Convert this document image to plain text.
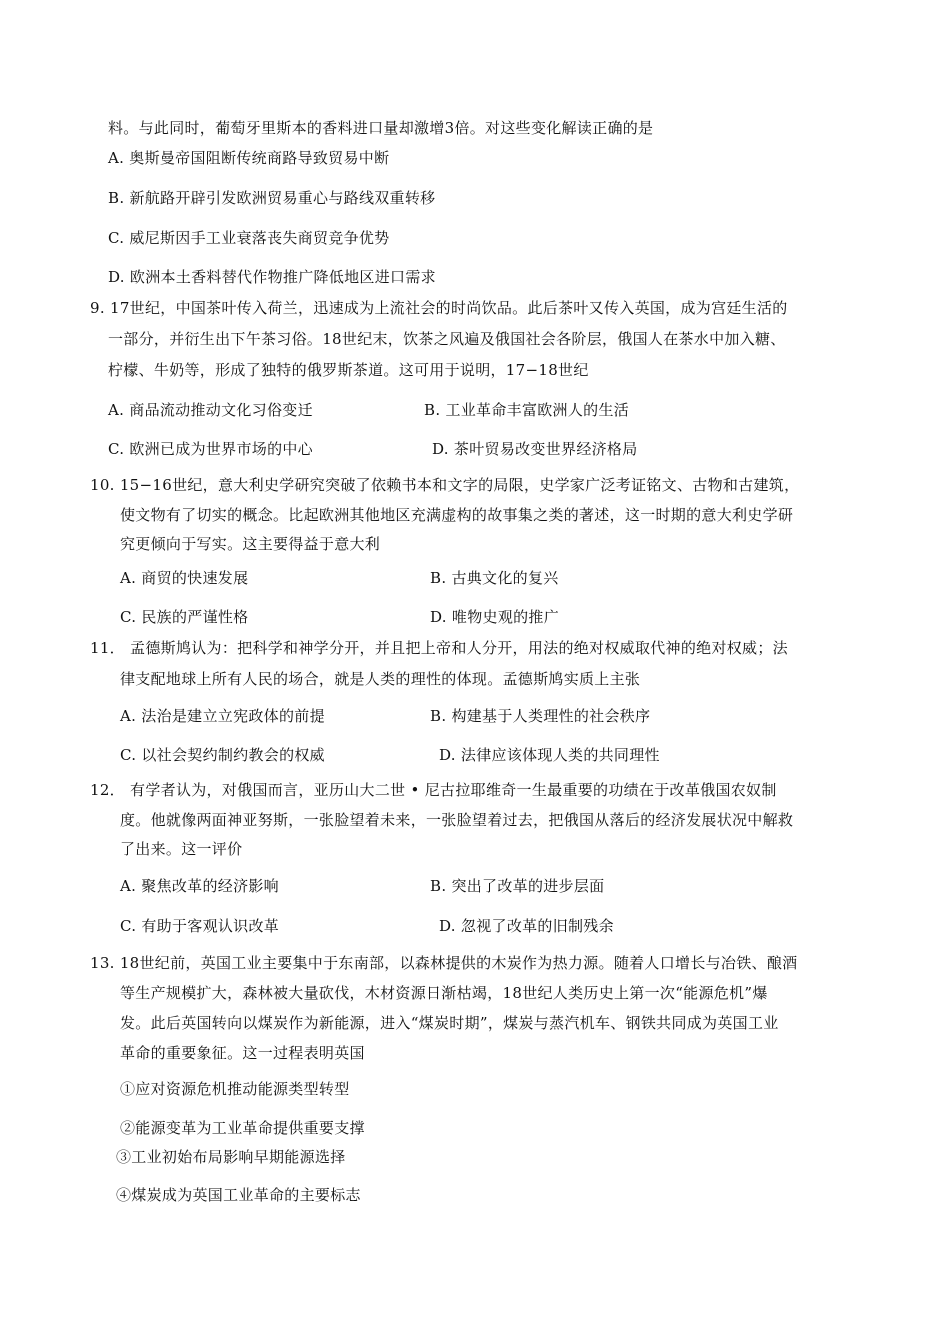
料。与此同时，葡萄牙里斯本的香料进口量却激增3倍。对这些变化解读正确的是
A. 奥斯曼帝国阻断传统商路导致贸易中断
B. 新航路开辟引发欧洲贸易重心与路线双重转移
C. 威尼斯因手工业衰落丧失商贸竞争优势
D. 欧洲本土香料替代作物推广降低地区进口需求
9. 17世纪，中国茶叶传入荷兰，迅速成为上流社会的时尚饮品。此后茶叶又传入英国，成为宫廷生活的
一部分，并衍生出下午茶习俗。18世纪末，饮茶之风遍及俄国社会各阶层，俄国人在茶水中加入糖、
柠檬、牛奶等，形成了独特的俄罗斯茶道。这可用于说明，17−18世纪
A. 商品流动推动文化习俗变迁	B. 工业革命丰富欧洲人的生活
C. 欧洲已成为世界市场的中心	D. 茶叶贸易改变世界经济格局
10. 15−16世纪，意大利史学研究突破了依赖书本和文字的局限，史学家广泛考证铭文、古物和古建筑，
使文物有了切实的概念。比起欧洲其他地区充满虚构的故事集之类的著述，这一时期的意大利史学研
究更倾向于写实。这主要得益于意大利
A. 商贸的快速发展	B. 古典文化的复兴
C. 民族的严谨性格	D. 唯物史观的推广
11． 孟德斯鸠认为：把科学和神学分开，并且把上帝和人分开，用法的绝对权威取代神的绝对权威；法
律支配地球上所有人民的场合，就是人类的理性的体现。孟德斯鸠实质上主张
A. 法治是建立立宪政体的前提	B. 构建基于人类理性的社会秩序
C. 以社会契约制约教会的权威	D. 法律应该体现人类的共同理性
12． 有学者认为，对俄国而言，亚历山大二世 • 尼古拉耶维奇一生最重要的功绩在于改革俄国农奴制
度。他就像两面神亚努斯，一张脸望着未来，一张脸望着过去，把俄国从落后的经济发展状况中解救
了出来。这一评价
A. 聚焦改革的经济影响	B. 突出了改革的进步层面
C. 有助于客观认识改革	D. 忽视了改革的旧制残余
13. 18世纪前，英国工业主要集中于东南部，以森林提供的木炭作为热力源。随着人口增长与冶铁、酿酒
等生产规模扩大，森林被大量砍伐，木材资源日渐枯竭，18世纪人类历史上第一次“能源危机”爆
发。此后英国转向以煤炭作为新能源，进入“煤炭时期”，煤炭与蒸汽机车、钢铁共同成为英国工业
革命的重要象征。这一过程表明英国
①应对资源危机推动能源类型转型
②能源变革为工业革命提供重要支撑
③工业初始布局影响早期能源选择
④煤炭成为英国工业革命的主要标志
